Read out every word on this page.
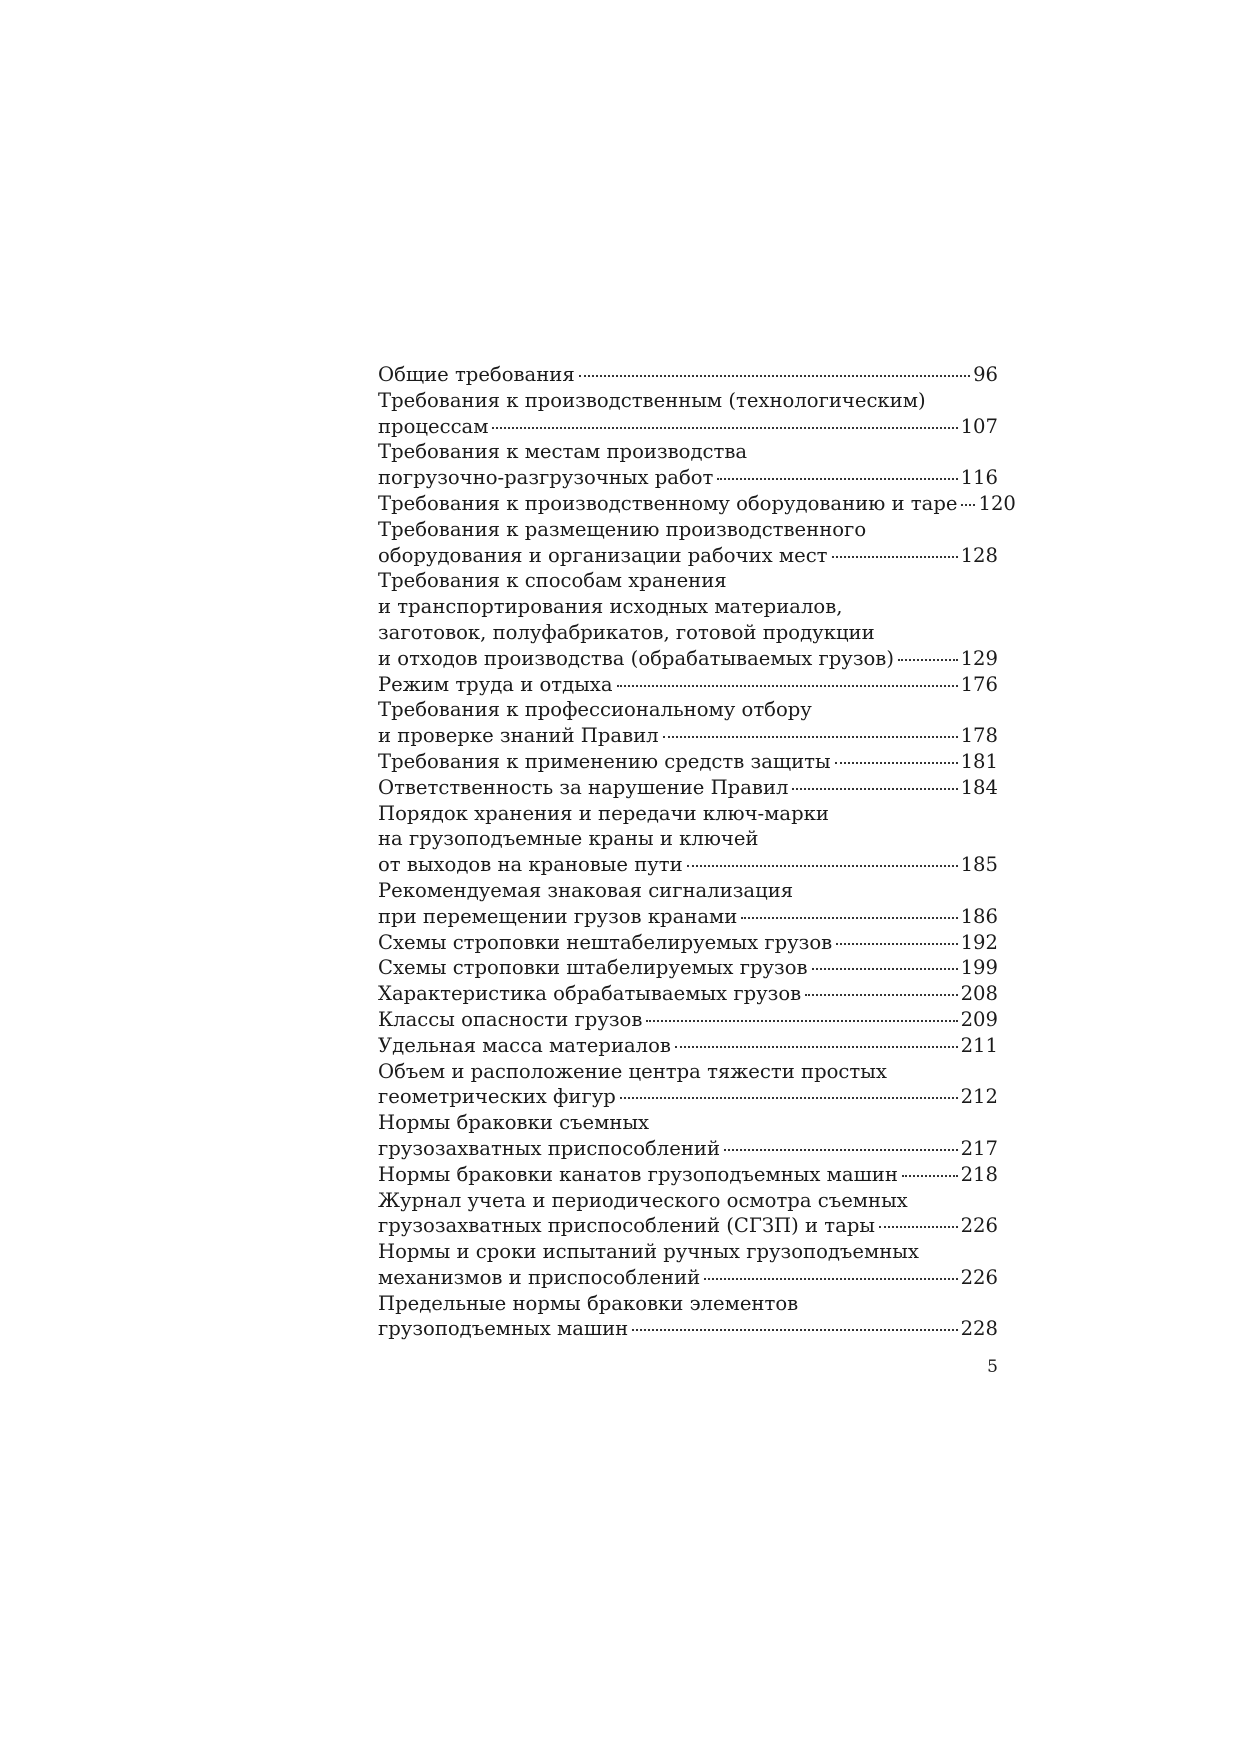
Общие требования	96
Требования к производственным (технологическим)
процессам	107
Требования к местам производства
погрузочно-разгрузочных работ	116
Требования к производственному оборудованию и таре 120
Требования к размещению производственного
оборудования и организации рабочих мест	128
Требования к способам хранения
и транспортирования исходных материалов,
заготовок, полуфабрикатов, готовой продукции
и отходов производства (обрабатываемых грузов)	129
Режим труда и отдыха	176
Требования к профессиональному отбору
и проверке знаний Правил	178
Требования к применению средств защиты	181
Ответственность за нарушение Правил	184
Порядок хранения и передачи ключ-марки
на грузоподъемные краны и ключей
от выходов на крановые пути	185
Рекомендуемая знаковая сигнализация
при перемещении грузов кранами	186
Схемы строповки нештабелируемых грузов	192
Схемы строповки штабелируемых грузов	199
Характеристика обрабатываемых грузов	208
Классы опасности грузов	209
Удельная масса материалов	211
Объем и расположение центра тяжести простых
геометрических фигур	212
Нормы браковки съемных
грузозахватных приспособлений	217
Нормы браковки канатов грузоподъемных машин	218
Журнал учета и периодического осмотра съемных
грузозахватных приспособлений (СГЗП) и тары	226
Нормы и сроки испытаний ручных грузоподъемных
механизмов и приспособлений	226
Предельные нормы браковки элементов
грузоподъемных машин	228
5
